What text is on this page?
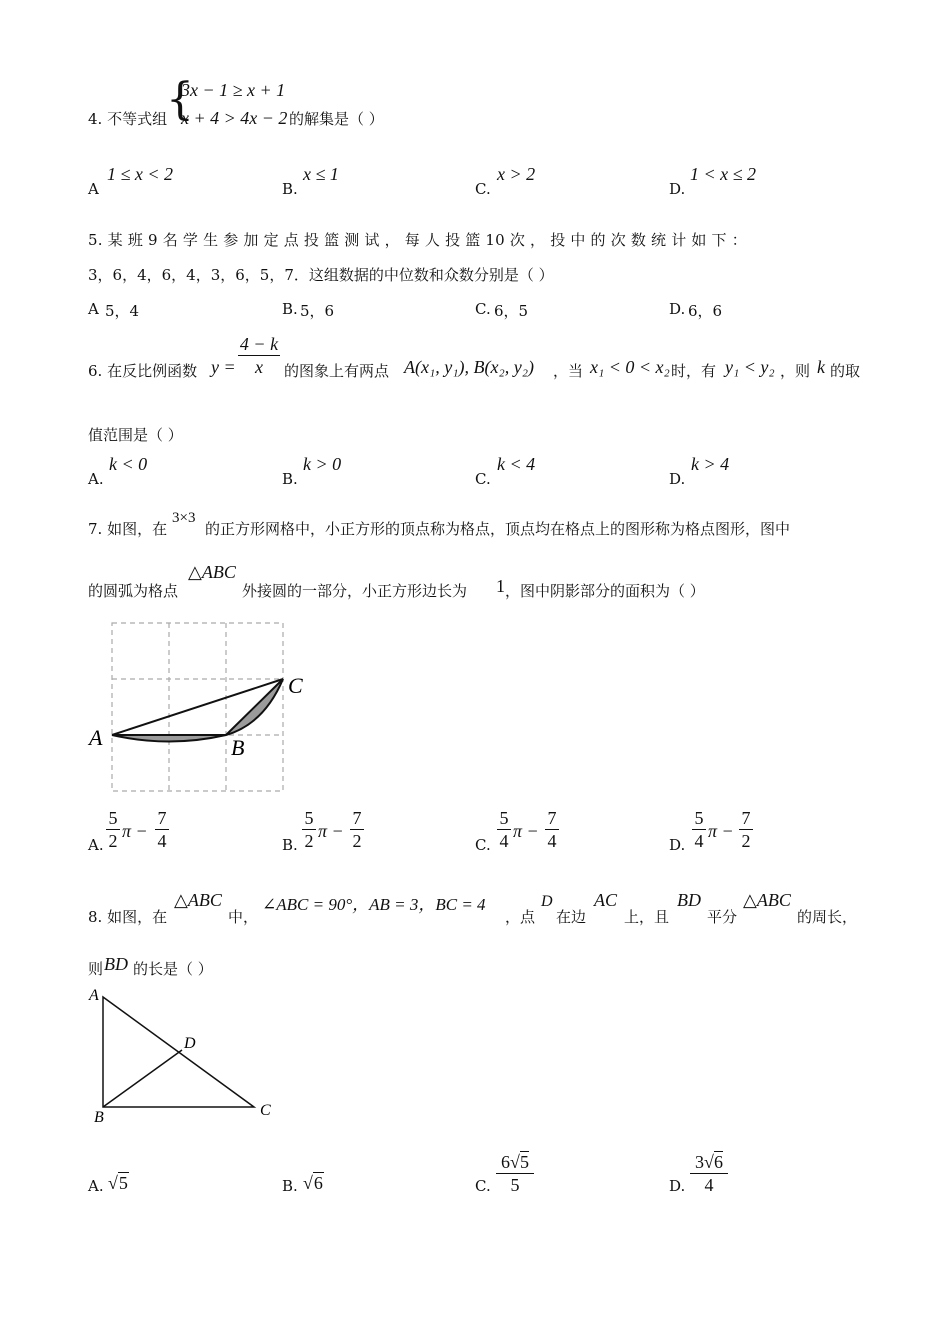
4. 不等式组
{
3x − 1 ≥ x + 1
x + 4 > 4x − 2 的解集是（ ）
A
1 ≤ x < 2
B.
x ≤ 1
C.
x > 2
D.
1 < x ≤ 2
5. 某 班 9 名 学 生 参 加 定 点 投 篮 测 试 ， 每 人 投 篮 10 次 ， 投 中 的 次 数 统 计 如 下 ：
3，6，4，6，4，3，6，5，7．这组数据的中位数和众数分别是（ ）
A 5，4	B. 5，6	C. 6，5	D. 6，6
6. 在反比例函数 y =
4 − k
x	的图象上有两点 A(x₁, y₁), B(x₂, y₂) ，当 x₁ < 0 < x₂ 时，有 y₁ < y₂ ，则 k 的取
值范围是（ ）
A.
k < 0
B.
k > 0
C.
k < 4
D.
k > 4
7. 如图，在
3×3
的正方形网格中，小正方形的顶点称为格点，顶点均在格点上的图形称为格点图形，图中
的圆弧为格点
△ABC
外接圆的一部分，小正方形边长为 1 ，图中阴影部分的面积为（ ）
A	B
C
A.
5
2 π −
7
4	B.
5
2 π −
7
2	C.
5
4 π −
7
4	D.
5
4 π −
7
2
8. 如图，在
△ABC
中，
∠ABC = 90°，AB = 3，BC = 4
，点
D
在边
AC
上，且
BD
平分
△ABC
的周长，
则 BD 的长是（ ）
A
B	C
D
A. √5	B. √6	C.
6√5
5	D.
3√6
4
